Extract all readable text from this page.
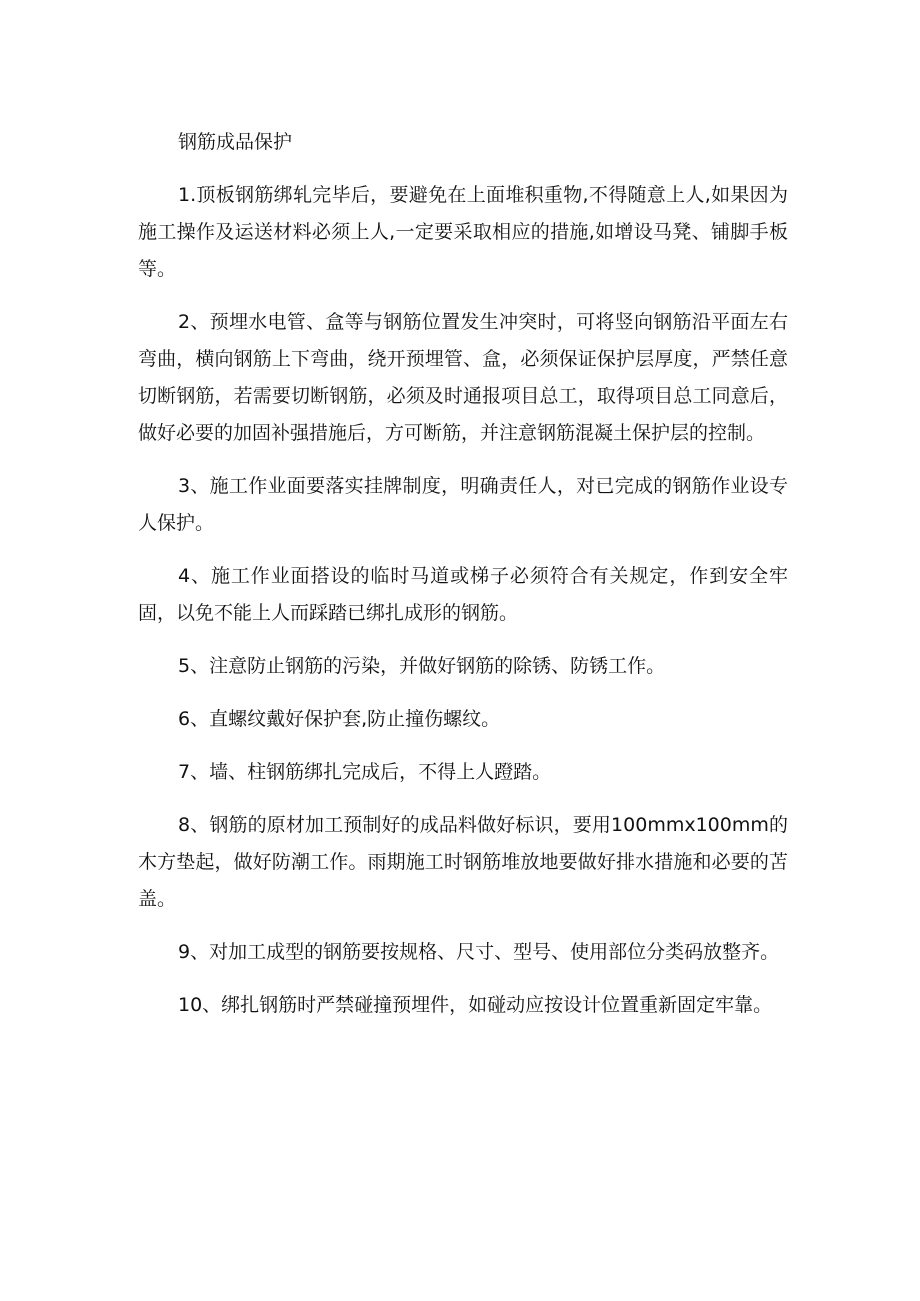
钢筋成品保护

1.顶板钢筋绑轧完毕后，要避免在上面堆积重物,不得随意上人,如果因为施工操作及运送材料必须上人,一定要采取相应的措施,如增设马凳、铺脚手板等。

2、预埋水电管、盒等与钢筋位置发生冲突时，可将竖向钢筋沿平面左右弯曲，横向钢筋上下弯曲，绕开预埋管、盒，必须保证保护层厚度，严禁任意切断钢筋，若需要切断钢筋，必须及时通报项目总工，取得项目总工同意后，做好必要的加固补强措施后，方可断筋，并注意钢筋混凝土保护层的控制。

3、施工作业面要落实挂牌制度，明确责任人，对已完成的钢筋作业设专人保护。

4、施工作业面搭设的临时马道或梯子必须符合有关规定，作到安全牢固，以免不能上人而踩踏已绑扎成形的钢筋。

5、注意防止钢筋的污染，并做好钢筋的除锈、防锈工作。

6、直螺纹戴好保护套,防止撞伤螺纹。

7、墙、柱钢筋绑扎完成后，不得上人蹬踏。

8、钢筋的原材加工预制好的成品料做好标识，要用100mmx100mm的木方垫起，做好防潮工作。雨期施工时钢筋堆放地要做好排水措施和必要的苫盖。

9、对加工成型的钢筋要按规格、尺寸、型号、使用部位分类码放整齐。

10、绑扎钢筋时严禁碰撞预埋件，如碰动应按设计位置重新固定牢靠。
